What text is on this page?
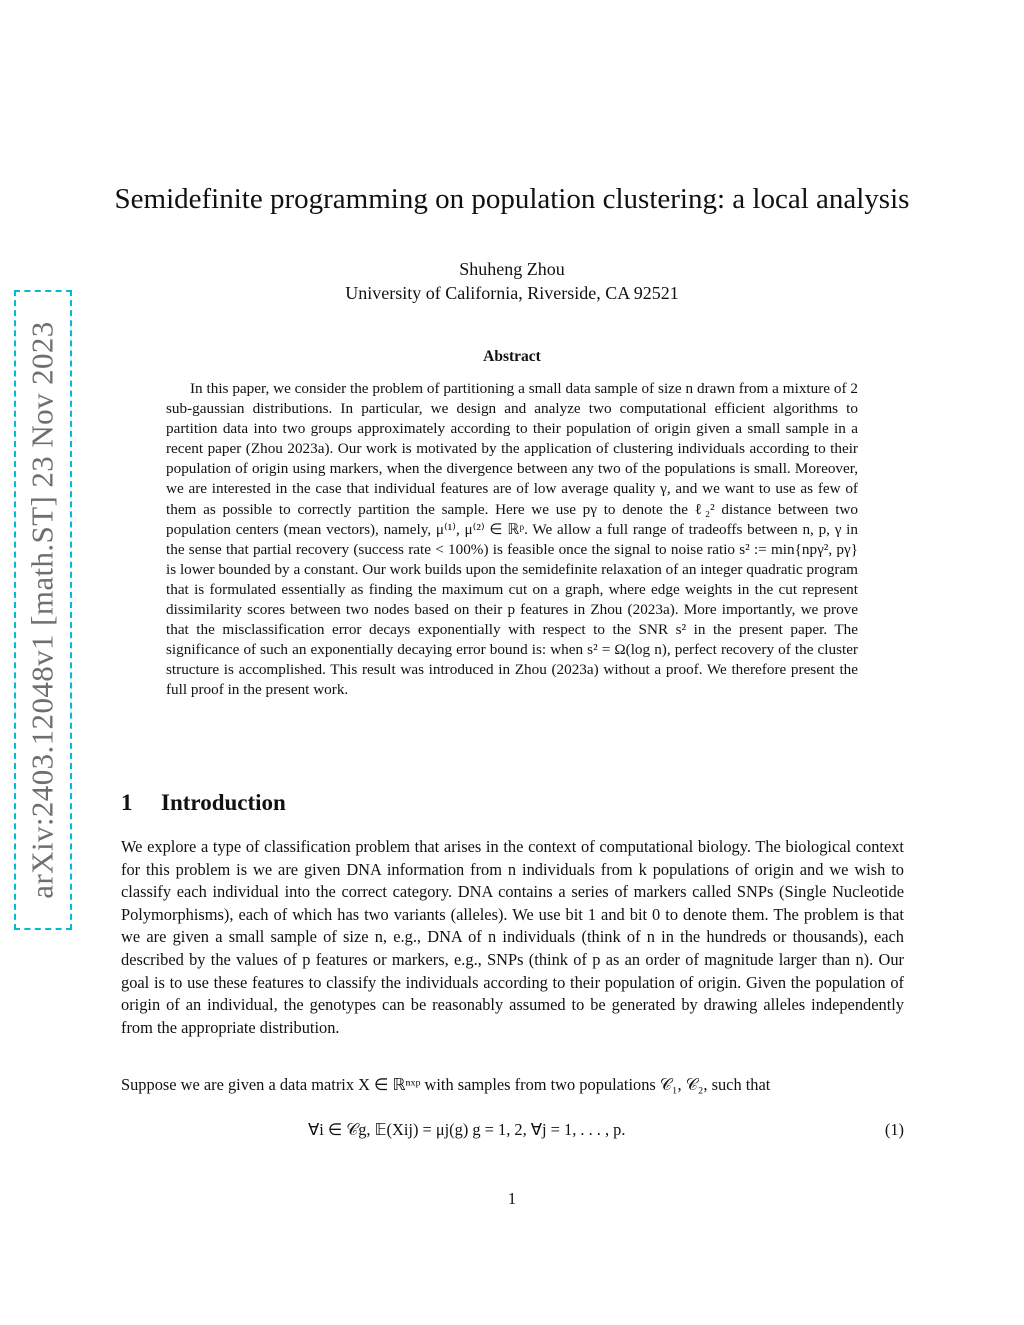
arXiv:2403.12048v1 [math.ST] 23 Nov 2023
Semidefinite programming on population clustering: a local analysis
Shuheng Zhou
University of California, Riverside, CA 92521
Abstract

In this paper, we consider the problem of partitioning a small data sample of size n drawn from a mixture of 2 sub-gaussian distributions. In particular, we design and analyze two computational efficient algorithms to partition data into two groups approximately according to their population of origin given a small sample in a recent paper (Zhou 2023a). Our work is motivated by the application of clustering individuals according to their population of origin using markers, when the divergence between any two of the populations is small. Moreover, we are interested in the case that individual features are of low average quality γ, and we want to use as few of them as possible to correctly partition the sample. Here we use pγ to denote the ℓ₂² distance between two population centers (mean vectors), namely, μ⁽¹⁾, μ⁽²⁾ ∈ ℝᵖ. We allow a full range of tradeoffs between n, p, γ in the sense that partial recovery (success rate < 100%) is feasible once the signal to noise ratio s² := min{npγ², pγ} is lower bounded by a constant. Our work builds upon the semidefinite relaxation of an integer quadratic program that is formulated essentially as finding the maximum cut on a graph, where edge weights in the cut represent dissimilarity scores between two nodes based on their p features in Zhou (2023a). More importantly, we prove that the misclassification error decays exponentially with respect to the SNR s² in the present paper. The significance of such an exponentially decaying error bound is: when s² = Ω(log n), perfect recovery of the cluster structure is accomplished. This result was introduced in Zhou (2023a) without a proof. We therefore present the full proof in the present work.

1 Introduction

We explore a type of classification problem that arises in the context of computational biology. The biological context for this problem is we are given DNA information from n individuals from k populations of origin and we wish to classify each individual into the correct category. DNA contains a series of markers called SNPs (Single Nucleotide Polymorphisms), each of which has two variants (alleles). We use bit 1 and bit 0 to denote them. The problem is that we are given a small sample of size n, e.g., DNA of n individuals (think of n in the hundreds or thousands), each described by the values of p features or markers, e.g., SNPs (think of p as an order of magnitude larger than n). Our goal is to use these features to classify the individuals according to their population of origin. Given the population of origin of an individual, the genotypes can be reasonably assumed to be generated by drawing alleles independently from the appropriate distribution.

Suppose we are given a data matrix X ∈ ℝⁿˣᵖ with samples from two populations 𝒞₁, 𝒞₂, such that

∀i ∈ 𝒞g, 𝔼(Xij) = μj(g) g = 1, 2, ∀j = 1, . . . , p.	(1)
1
